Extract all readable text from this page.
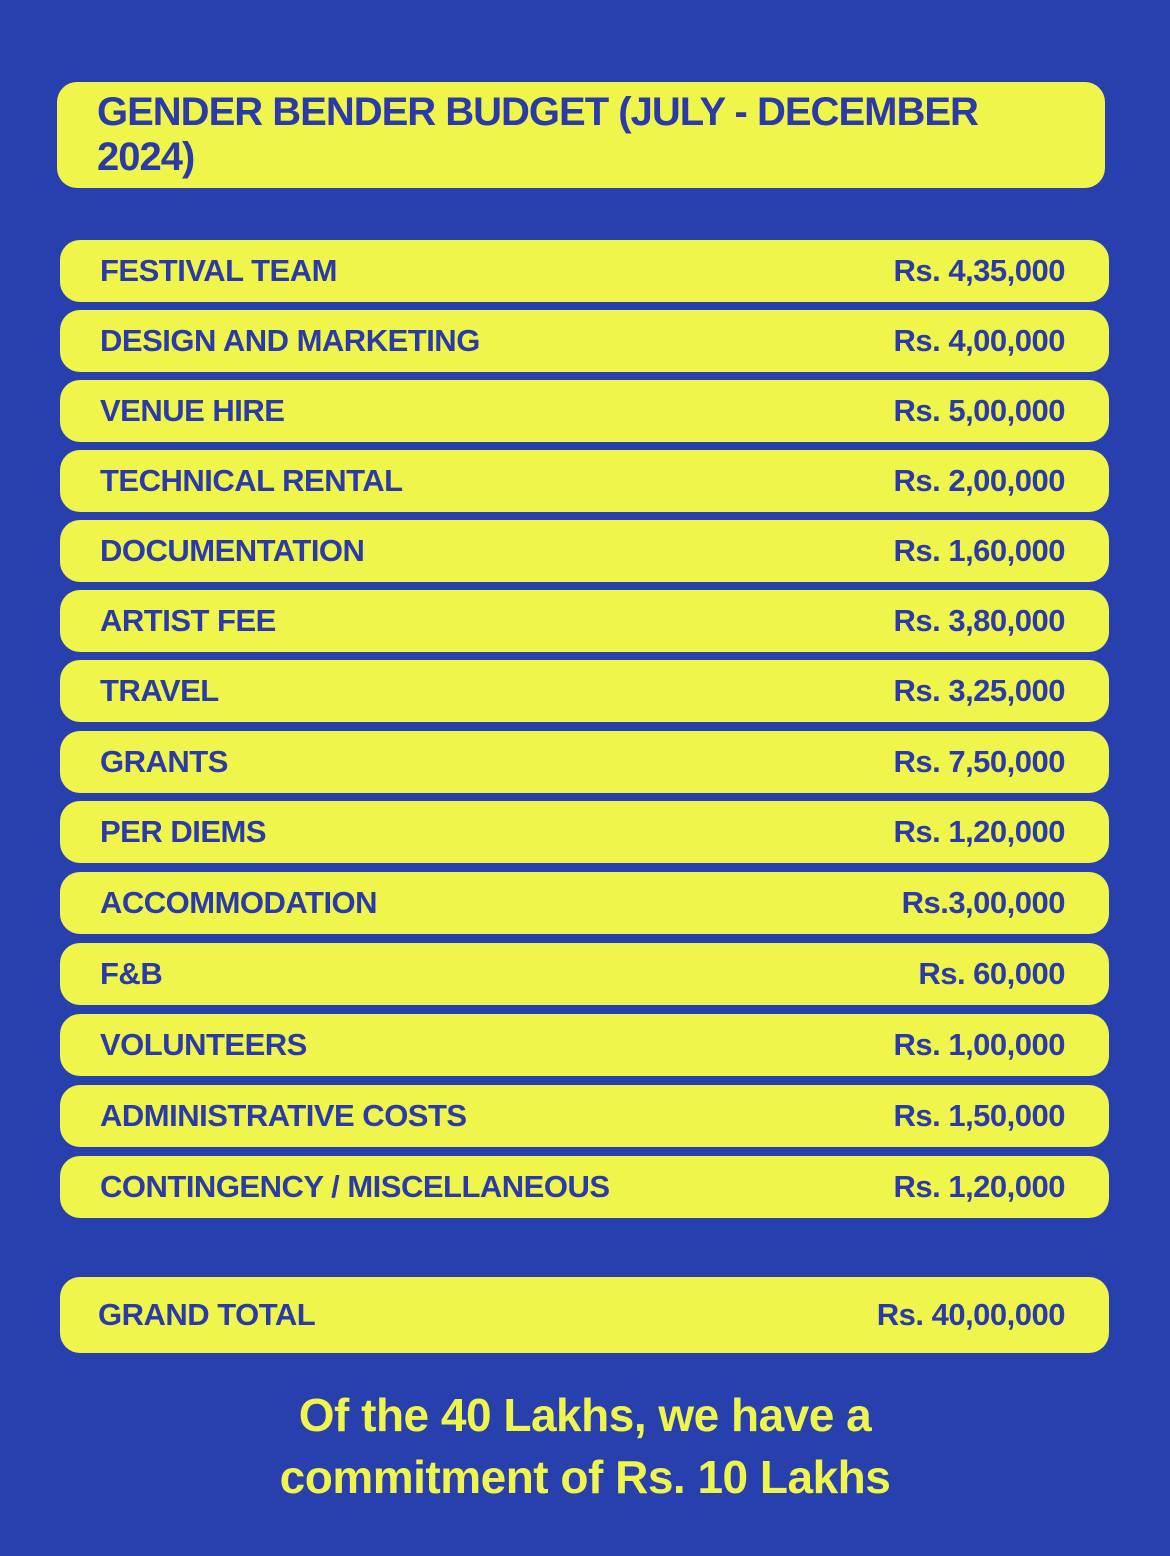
GENDER BENDER BUDGET (JULY - DECEMBER 2024)
FESTIVAL TEAM	Rs. 4,35,000
DESIGN AND MARKETING	Rs. 4,00,000
VENUE HIRE	Rs. 5,00,000
TECHNICAL RENTAL	Rs. 2,00,000
DOCUMENTATION	Rs. 1,60,000
ARTIST FEE	Rs. 3,80,000
TRAVEL	Rs. 3,25,000
GRANTS	Rs. 7,50,000
PER DIEMS	Rs. 1,20,000
ACCOMMODATION	Rs.3,00,000
F&B	Rs. 60,000
VOLUNTEERS	Rs. 1,00,000
ADMINISTRATIVE COSTS	Rs. 1,50,000
CONTINGENCY / MISCELLANEOUS	Rs. 1,20,000
GRAND TOTAL	Rs. 40,00,000
Of the 40 Lakhs, we have a
commitment of Rs. 10 Lakhs
